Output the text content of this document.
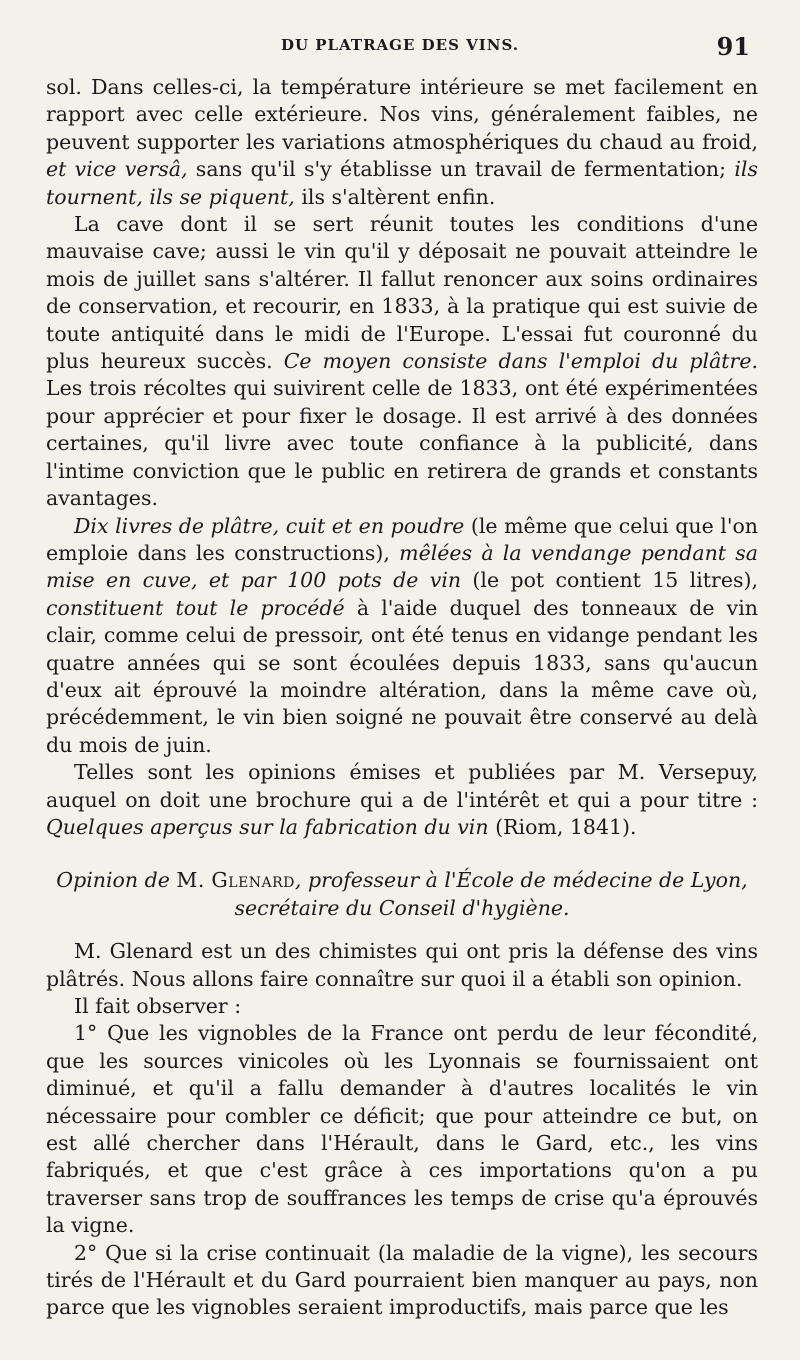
DU PLATRAGE DES VINS.	91

sol. Dans celles-ci, la température intérieure se met facilement en rapport avec celle extérieure. Nos vins, généralement faibles, ne peuvent supporter les variations atmosphériques du chaud au froid, et vice versâ, sans qu'il s'y établisse un travail de fermentation; ils tournent, ils se piquent, ils s'altèrent enfin.

La cave dont il se sert réunit toutes les conditions d'une mauvaise cave; aussi le vin qu'il y déposait ne pouvait atteindre le mois de juillet sans s'altérer. Il fallut renoncer aux soins ordinaires de conservation, et recourir, en 1833, à la pratique qui est suivie de toute antiquité dans le midi de l'Europe. L'essai fut couronné du plus heureux succès. Ce moyen consiste dans l'emploi du plâtre. Les trois récoltes qui suivirent celle de 1833, ont été expérimentées pour apprécier et pour fixer le dosage. Il est arrivé à des données certaines, qu'il livre avec toute confiance à la publicité, dans l'intime conviction que le public en retirera de grands et constants avantages.

Dix livres de plâtre, cuit et en poudre (le même que celui que l'on emploie dans les constructions), mêlées à la vendange pendant sa mise en cuve, et par 100 pots de vin (le pot contient 15 litres), constituent tout le procédé à l'aide duquel des tonneaux de vin clair, comme celui de pressoir, ont été tenus en vidange pendant les quatre années qui se sont écoulées depuis 1833, sans qu'aucun d'eux ait éprouvé la moindre altération, dans la même cave où, précédemment, le vin bien soigné ne pouvait être conservé au delà du mois de juin.

Telles sont les opinions émises et publiées par M. Versepuy, auquel on doit une brochure qui a de l'intérêt et qui a pour titre : Quelques aperçus sur la fabrication du vin (Riom, 1841).

Opinion de M. Glenard, professeur à l'École de médecine de Lyon, secrétaire du Conseil d'hygiène.

M. Glenard est un des chimistes qui ont pris la défense des vins plâtrés. Nous allons faire connaître sur quoi il a établi son opinion.

Il fait observer :

1° Que les vignobles de la France ont perdu de leur fécondité, que les sources vinicoles où les Lyonnais se fournissaient ont diminué, et qu'il a fallu demander à d'autres localités le vin nécessaire pour combler ce déficit; que pour atteindre ce but, on est allé chercher dans l'Hérault, dans le Gard, etc., les vins fabriqués, et que c'est grâce à ces importations qu'on a pu traverser sans trop de souffrances les temps de crise qu'a éprouvés la vigne.

2° Que si la crise continuait (la maladie de la vigne), les secours tirés de l'Hérault et du Gard pourraient bien manquer au pays, non parce que les vignobles seraient improductifs, mais parce que les
